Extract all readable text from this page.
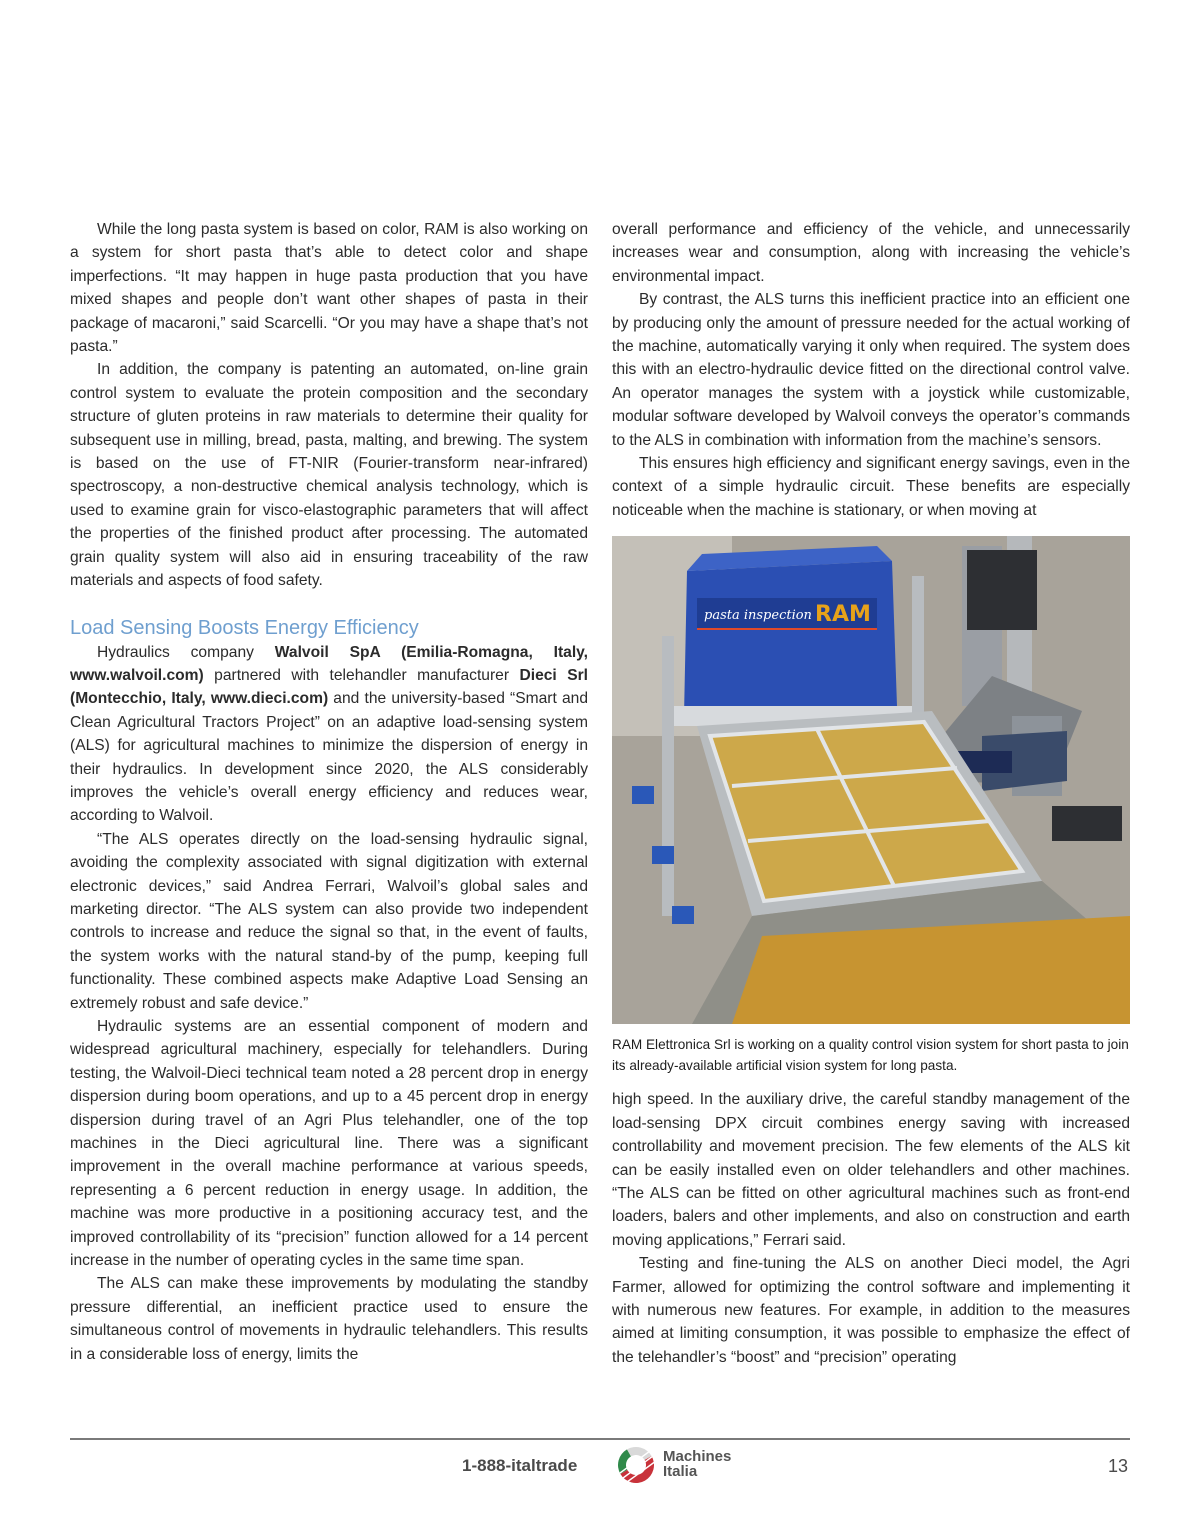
While the long pasta system is based on color, RAM is also working on a system for short pasta that’s able to detect color and shape imperfections. “It may happen in huge pasta production that you have mixed shapes and people don’t want other shapes of pasta in their package of macaroni,” said Scarcelli. “Or you may have a shape that’s not pasta.”

In addition, the company is patenting an automated, on-line grain control system to evaluate the protein composition and the secondary structure of gluten proteins in raw materials to determine their quality for subsequent use in milling, bread, pasta, malting, and brewing. The system is based on the use of FT-NIR (Fourier-transform near-infrared) spectroscopy, a non-destructive chemical analysis technology, which is used to examine grain for visco-elastographic parameters that will affect the properties of the finished product after processing. The automated grain quality system will also aid in ensuring traceability of the raw materials and aspects of food safety.

Load Sensing Boosts Energy Efficiency

Hydraulics company Walvoil SpA (Emilia-Romagna, Italy, www.walvoil.com) partnered with telehandler manufacturer Dieci Srl (Montecchio, Italy, www.dieci.com) and the university-based “Smart and Clean Agricultural Tractors Project” on an adaptive load-sensing system (ALS) for agricultural machines to minimize the dispersion of energy in their hydraulics. In development since 2020, the ALS considerably improves the vehicle’s overall energy efficiency and reduces wear, according to Walvoil.

“The ALS operates directly on the load-sensing hydraulic signal, avoiding the complexity associated with signal digitization with external electronic devices,” said Andrea Ferrari, Walvoil’s global sales and marketing director. “The ALS system can also provide two independent controls to increase and reduce the signal so that, in the event of faults, the system works with the natural stand-by of the pump, keeping full functionality. These combined aspects make Adaptive Load Sensing an extremely robust and safe device.”

Hydraulic systems are an essential component of modern and widespread agricultural machinery, especially for telehandlers. During testing, the Walvoil-Dieci technical team noted a 28 percent drop in energy dispersion during boom operations, and up to a 45 percent drop in energy dispersion during travel of an Agri Plus telehandler, one of the top machines in the Dieci agricultural line. There was a significant improvement in the overall machine performance at various speeds, representing a 6 percent reduction in energy usage. In addition, the machine was more productive in a positioning accuracy test, and the improved controllability of its “precision” function allowed for a 14 percent increase in the number of operating cycles in the same time span.

The ALS can make these improvements by modulating the standby pressure differential, an inefficient practice used to ensure the simultaneous control of movements in hydraulic telehandlers. This results in a considerable loss of energy, limits the

overall performance and efficiency of the vehicle, and unnecessarily increases wear and consumption, along with increasing the vehicle’s environmental impact.

By contrast, the ALS turns this inefficient practice into an efficient one by producing only the amount of pressure needed for the actual working of the machine, automatically varying it only when required. The system does this with an electro-hydraulic device fitted on the directional control valve. An operator manages the system with a joystick while customizable, modular software developed by Walvoil conveys the operator’s commands to the ALS in combination with information from the machine’s sensors.

This ensures high efficiency and significant energy savings, even in the context of a simple hydraulic circuit. These benefits are especially noticeable when the machine is stationary, or when moving at

pasta inspection RAM

RAM Elettronica Srl is working on a quality control vision system for short pasta to join its already-available artificial vision system for long pasta.

high speed. In the auxiliary drive, the careful standby management of the load-sensing DPX circuit combines energy saving with increased controllability and movement precision. The few elements of the ALS kit can be easily installed even on older telehandlers and other machines. “The ALS can be fitted on other agricultural machines such as front-end loaders, balers and other implements, and also on construction and earth moving applications,” Ferrari said.

Testing and fine-tuning the ALS on another Dieci model, the Agri Farmer, allowed for optimizing the control software and implementing it with numerous new features. For example, in addition to the measures aimed at limiting consumption, it was possible to emphasize the effect of the telehandler’s “boost” and “precision” operating

1-888-italtrade	Machines
Italia	13
